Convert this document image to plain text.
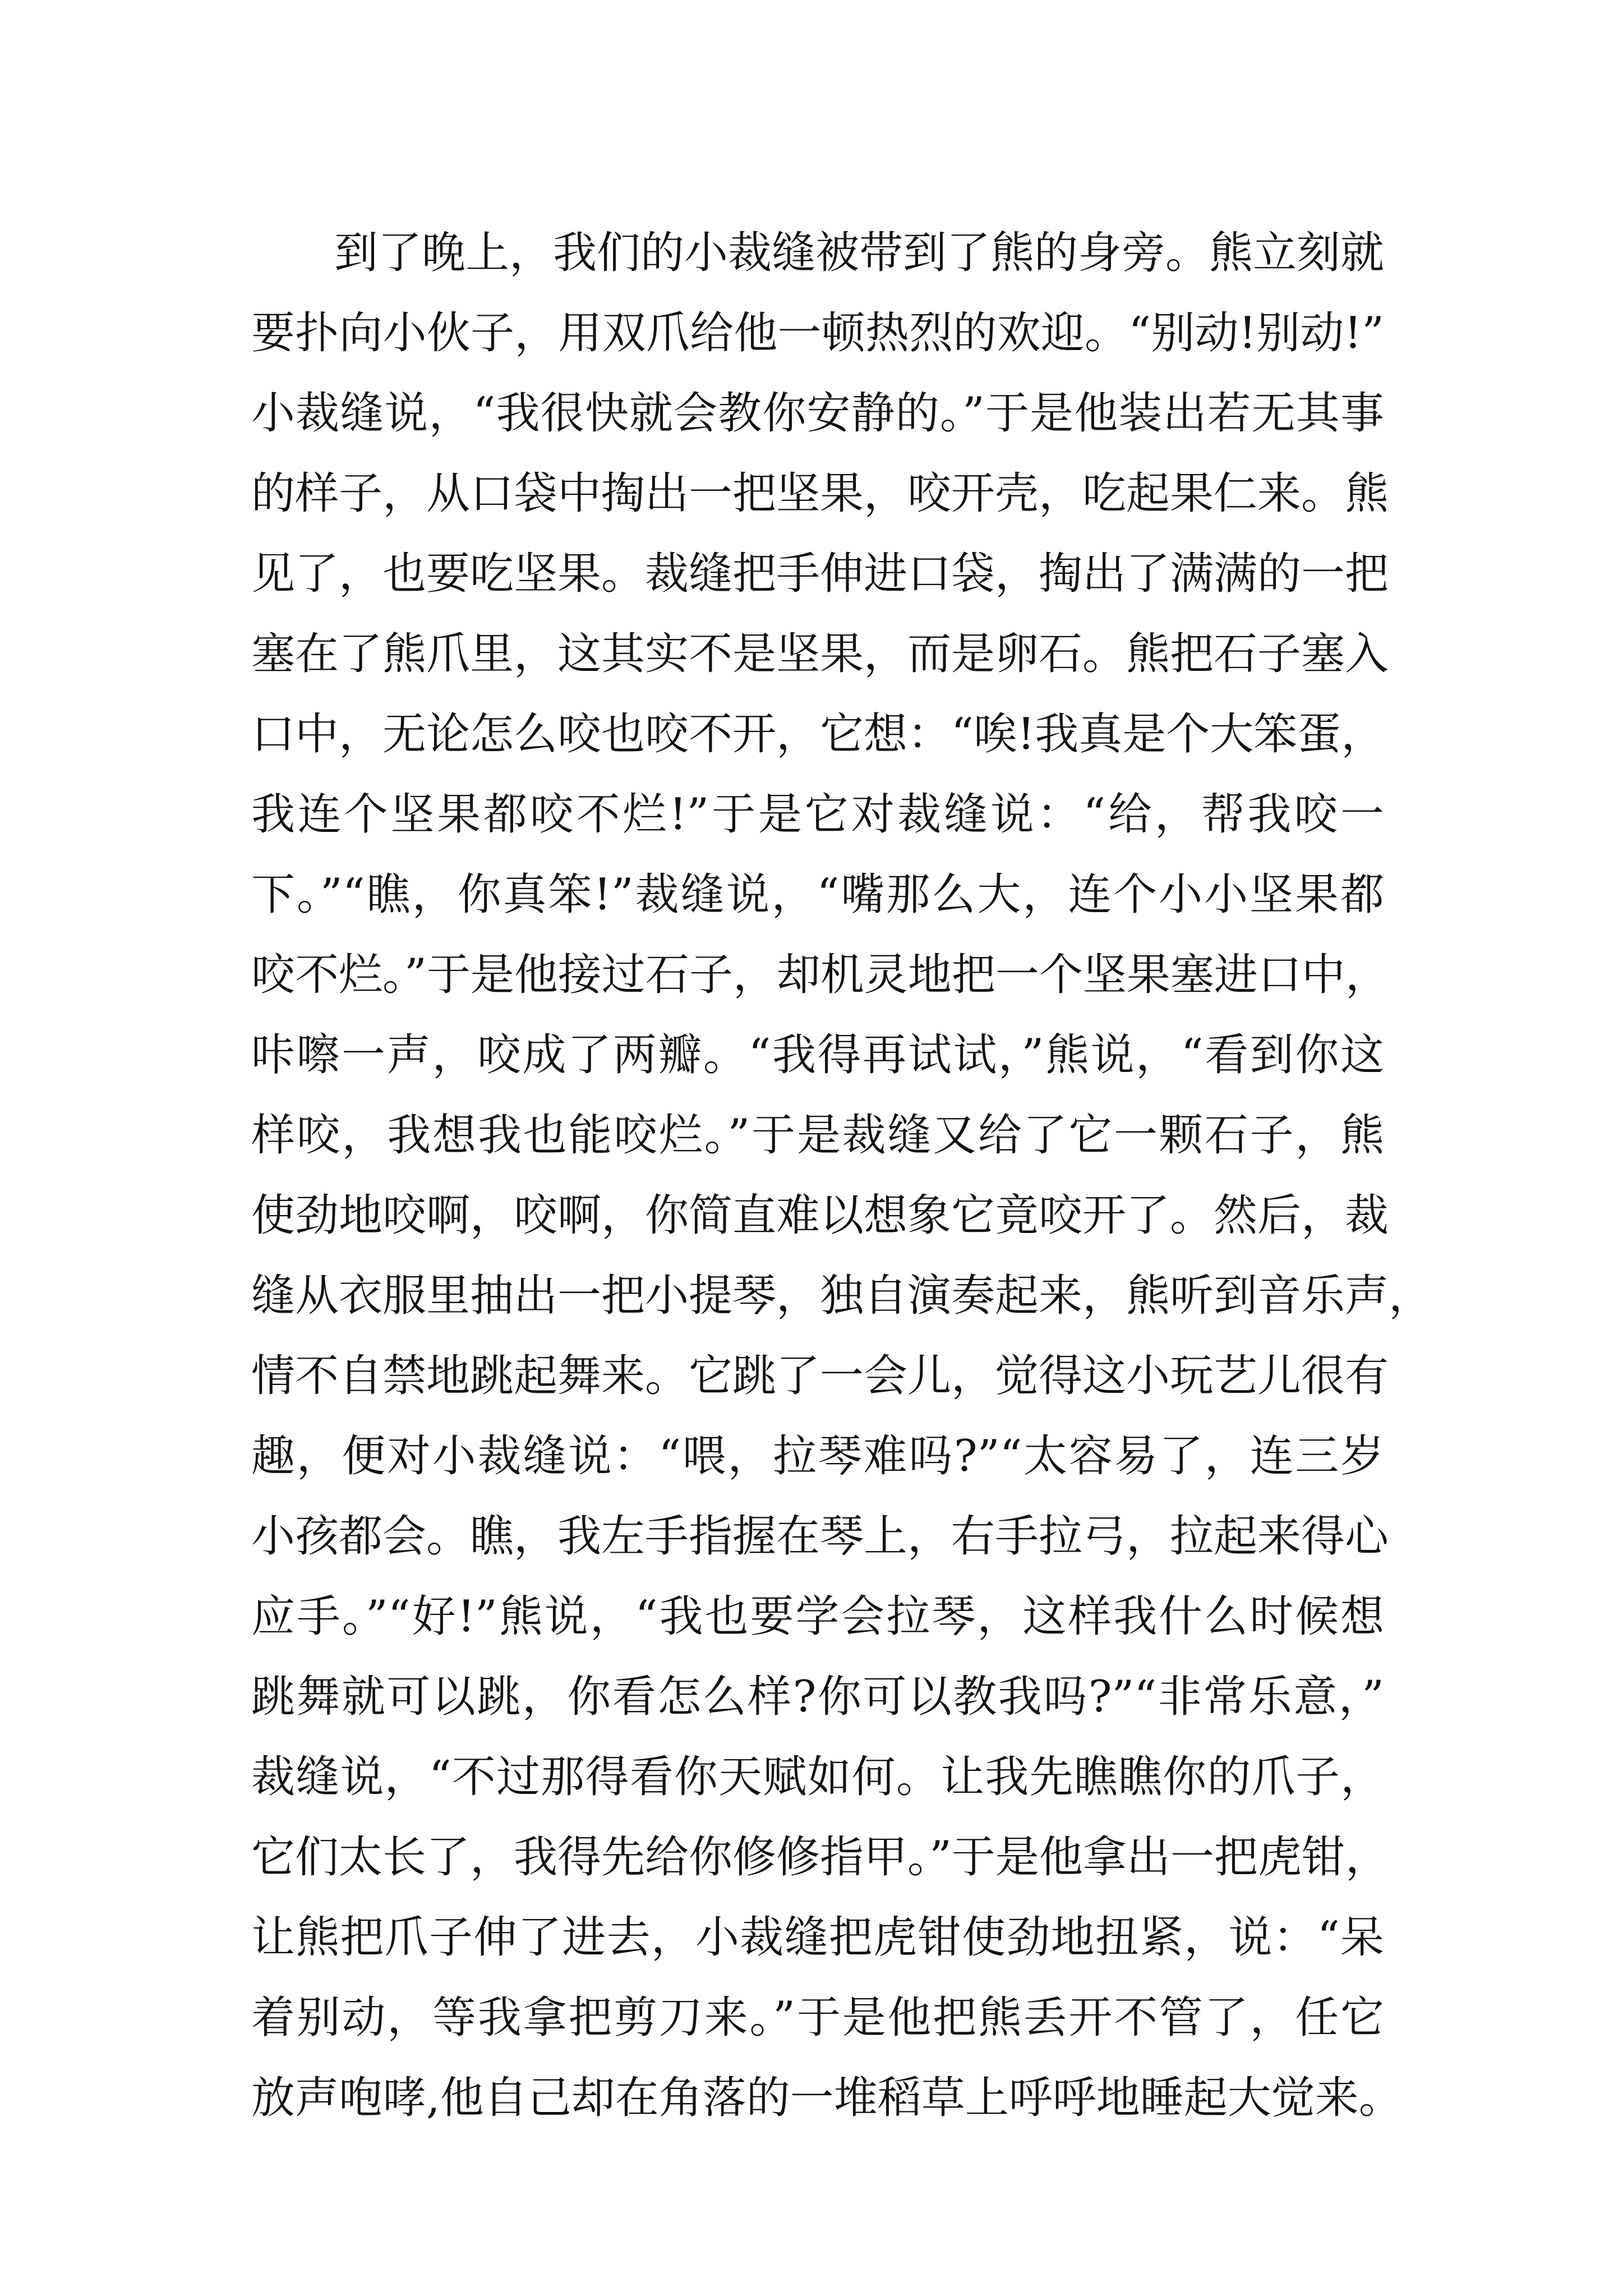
到了晚上，我们的小裁缝被带到了熊的身旁。熊立刻就
要扑向小伙子，用双爪给他一顿热烈的欢迎。“别动!别动!”
小裁缝说，“我很快就会教你安静的。”于是他装出若无其事
的样子，从口袋中掏出一把坚果，咬开壳，吃起果仁来。熊
见了，也要吃坚果。裁缝把手伸进口袋，掏出了满满的一把
塞在了熊爪里，这其实不是坚果，而是卵石。熊把石子塞入
口中，无论怎么咬也咬不开，它想：“唉!我真是个大笨蛋，
我连个坚果都咬不烂!”于是它对裁缝说：“给，帮我咬一
下。”“瞧，你真笨!”裁缝说，“嘴那么大，连个小小坚果都
咬不烂。”于是他接过石子，却机灵地把一个坚果塞进口中，
咔嚓一声，咬成了两瓣。“我得再试试，”熊说，“看到你这
样咬，我想我也能咬烂。”于是裁缝又给了它一颗石子，熊
使劲地咬啊，咬啊，你简直难以想象它竟咬开了。然后，裁
缝从衣服里抽出一把小提琴，独自演奏起来，熊听到音乐声，
情不自禁地跳起舞来。它跳了一会儿，觉得这小玩艺儿很有
趣，便对小裁缝说：“喂，拉琴难吗?”“太容易了，连三岁
小孩都会。瞧，我左手指握在琴上，右手拉弓，拉起来得心
应手。”“好!”熊说，“我也要学会拉琴，这样我什么时候想
跳舞就可以跳，你看怎么样?你可以教我吗?”“非常乐意，”
裁缝说，“不过那得看你天赋如何。让我先瞧瞧你的爪子，
它们太长了，我得先给你修修指甲。”于是他拿出一把虎钳，
让熊把爪子伸了进去，小裁缝把虎钳使劲地扭紧，说：“呆
着别动，等我拿把剪刀来。”于是他把熊丢开不管了，任它
放声咆哮,他自己却在角落的一堆稻草上呼呼地睡起大觉来。
